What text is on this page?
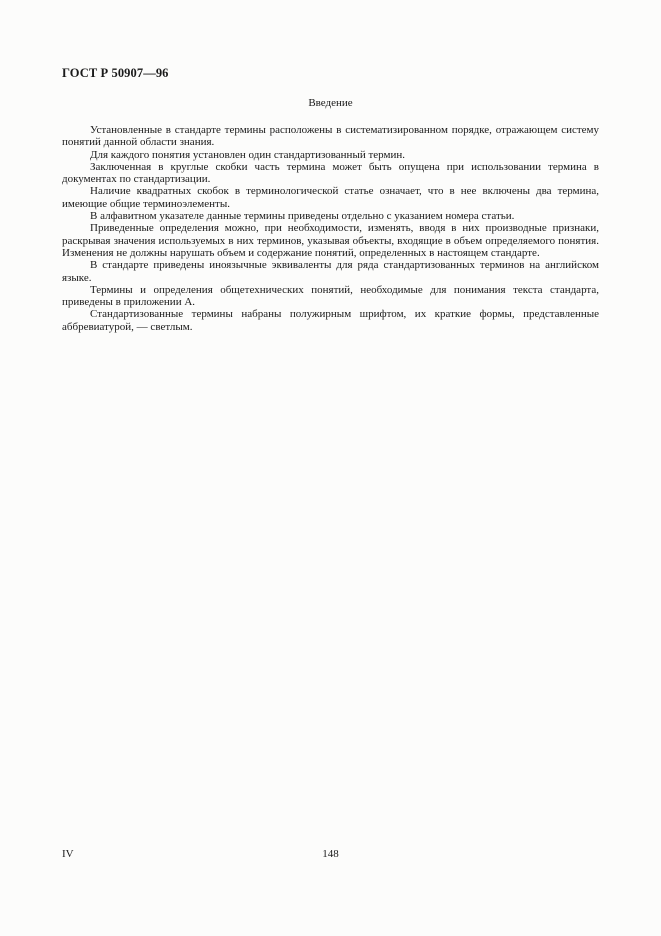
ГОСТ Р 50907—96
Введение

Установленные в стандарте термины расположены в систематизированном порядке, отражающем систему понятий данной области знания.

Для каждого понятия установлен один стандартизованный термин.

Заключенная в круглые скобки часть термина может быть опущена при использовании термина в документах по стандартизации.

Наличие квадратных скобок в терминологической статье означает, что в нее включены два термина, имеющие общие терминоэлементы.

В алфавитном указателе данные термины приведены отдельно с указанием номера статьи.

Приведенные определения можно, при необходимости, изменять, вводя в них производные признаки, раскрывая значения используемых в них терминов, указывая объекты, входящие в объем определяемого понятия. Изменения не должны нарушать объем и содержание понятий, определенных в настоящем стандарте.

В стандарте приведены иноязычные эквиваленты для ряда стандартизованных терминов на английском языке.

Термины и определения общетехнических понятий, необходимые для понимания текста стандарта, приведены в приложении А.

Стандартизованные термины набраны полужирным шрифтом, их краткие формы, представленные аббревиатурой, — светлым.

IV	148
